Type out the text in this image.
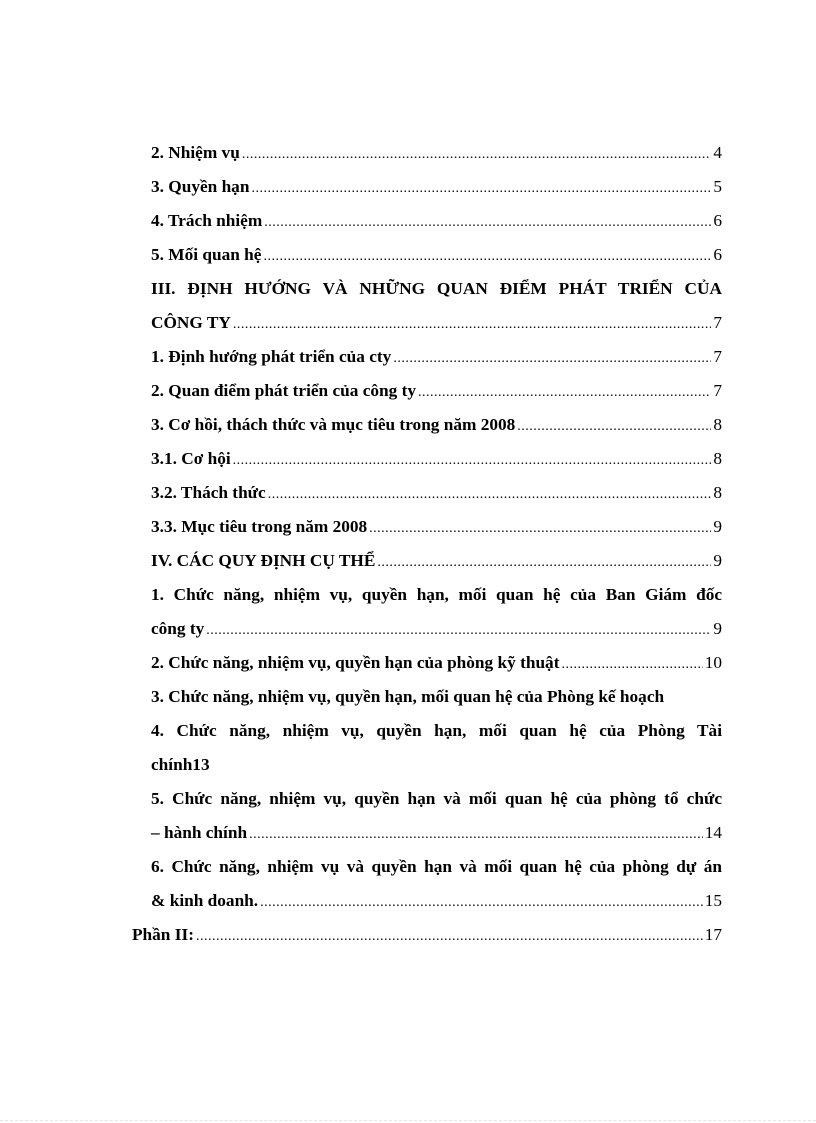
2. Nhiệm vụ .....	4
3. Quyền hạn .....	5
4. Trách nhiệm .....	6
5. Mối quan hệ .....	6
III. ĐỊNH HƯỚNG VÀ NHỮNG QUAN ĐIỂM PHÁT TRIỂN CỦA
CÔNG TY .....	7
1. Định hướng phát triển của cty .....	7
2. Quan điểm phát triển của công ty .....	7
3. Cơ hồi, thách thức và mục tiêu trong năm 2008 .....	8
3.1. Cơ hội .....	8
3.2. Thách thức .....	8
3.3. Mục tiêu trong năm 2008 .....	9
IV. CÁC QUY ĐỊNH CỤ THỂ .....	9
1. Chức năng, nhiệm vụ, quyền hạn, mối quan hệ của Ban Giám đốc
công ty .....	9
2. Chức năng, nhiệm vụ, quyền hạn của phòng kỹ thuật .....	10
3. Chức năng, nhiệm vụ, quyền hạn, mối quan hệ của Phòng kế hoạch
4. Chức năng, nhiệm vụ, quyền hạn, mối quan hệ của Phòng Tài
chính13
5. Chức năng, nhiệm vụ, quyền hạn và mối quan hệ của phòng tổ chức
– hành chính .....	14
6. Chức năng, nhiệm vụ và quyền hạn và mối quan hệ của phòng dự án
& kinh doanh. .....	15
Phần II: .....	17
